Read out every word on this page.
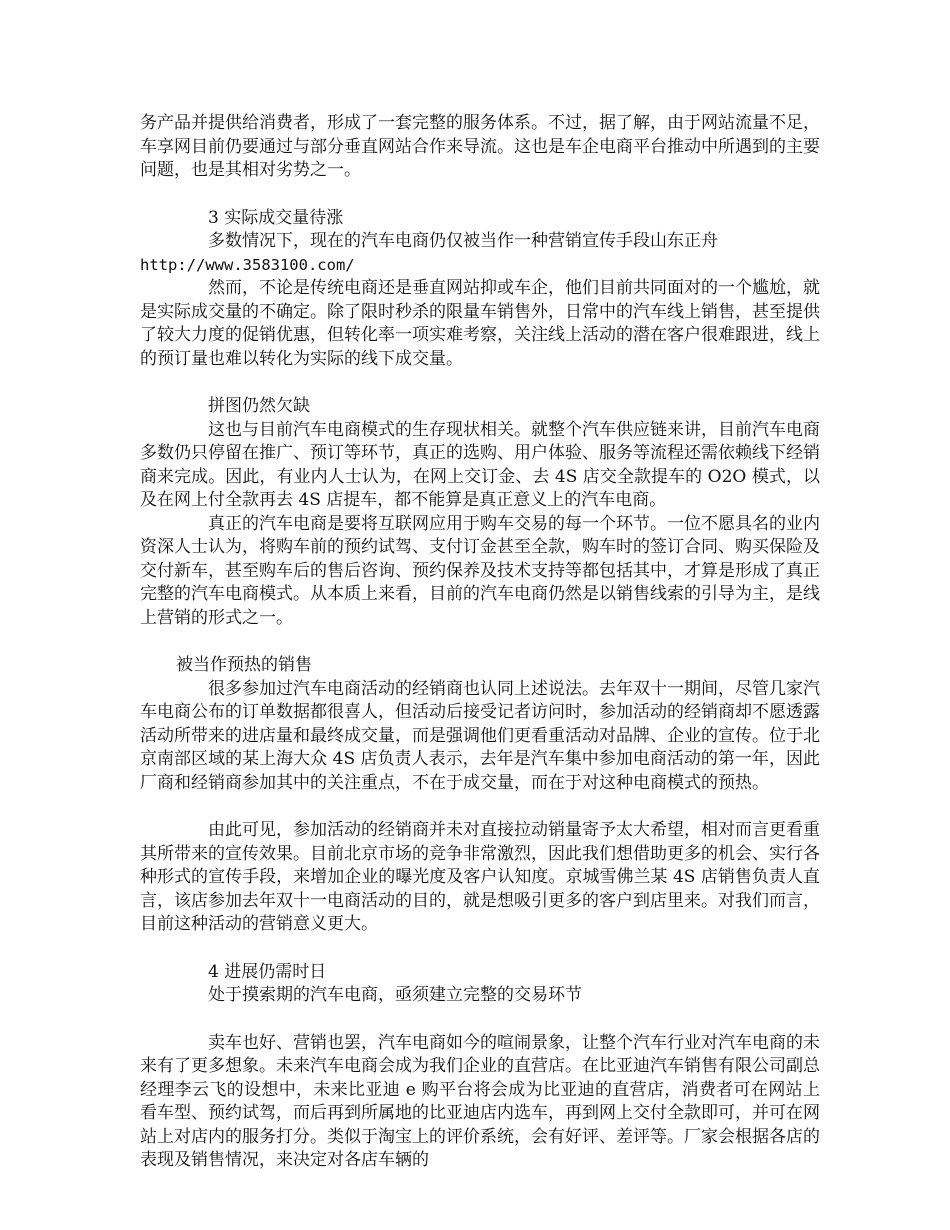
务产品并提供给消费者，形成了一套完整的服务体系。不过，据了解，由于网站流量不足，车享网目前仍要通过与部分垂直网站合作来导流。这也是车企电商平台推动中所遇到的主要问题，也是其相对劣势之一。

3 实际成交量待涨

多数情况下，现在的汽车电商仍仅被当作一种营销宣传手段山东正舟
http://www.3583100.com/

然而，不论是传统电商还是垂直网站抑或车企，他们目前共同面对的一个尴尬，就是实际成交量的不确定。除了限时秒杀的限量车销售外，日常中的汽车线上销售，甚至提供了较大力度的促销优惠，但转化率一项实难考察，关注线上活动的潜在客户很难跟进，线上的预订量也难以转化为实际的线下成交量。

拼图仍然欠缺

这也与目前汽车电商模式的生存现状相关。就整个汽车供应链来讲，目前汽车电商多数仍只停留在推广、预订等环节，真正的选购、用户体验、服务等流程还需依赖线下经销商来完成。因此，有业内人士认为，在网上交订金、去 4S 店交全款提车的 O2O 模式，以及在网上付全款再去 4S 店提车，都不能算是真正意义上的汽车电商。

真正的汽车电商是要将互联网应用于购车交易的每一个环节。一位不愿具名的业内资深人士认为，将购车前的预约试驾、支付订金甚至全款，购车时的签订合同、购买保险及交付新车，甚至购车后的售后咨询、预约保养及技术支持等都包括其中，才算是形成了真正完整的汽车电商模式。从本质上来看，目前的汽车电商仍然是以销售线索的引导为主，是线上营销的形式之一。

被当作预热的销售

很多参加过汽车电商活动的经销商也认同上述说法。去年双十一期间，尽管几家汽车电商公布的订单数据都很喜人，但活动后接受记者访问时，参加活动的经销商却不愿透露活动所带来的进店量和最终成交量，而是强调他们更看重活动对品牌、企业的宣传。位于北京南部区域的某上海大众 4S 店负责人表示，去年是汽车集中参加电商活动的第一年，因此厂商和经销商参加其中的关注重点，不在于成交量，而在于对这种电商模式的预热。

由此可见，参加活动的经销商并未对直接拉动销量寄予太大希望，相对而言更看重其所带来的宣传效果。目前北京市场的竞争非常激烈，因此我们想借助更多的机会、实行各种形式的宣传手段，来增加企业的曝光度及客户认知度。京城雪佛兰某 4S 店销售负责人直言，该店参加去年双十一电商活动的目的，就是想吸引更多的客户到店里来。对我们而言，目前这种活动的营销意义更大。

4 进展仍需时日

处于摸索期的汽车电商，亟须建立完整的交易环节

卖车也好、营销也罢，汽车电商如今的喧闹景象，让整个汽车行业对汽车电商的未来有了更多想象。未来汽车电商会成为我们企业的直营店。在比亚迪汽车销售有限公司副总经理李云飞的设想中，未来比亚迪 e 购平台将会成为比亚迪的直营店，消费者可在网站上看车型、预约试驾，而后再到所属地的比亚迪店内选车，再到网上交付全款即可，并可在网站上对店内的服务打分。类似于淘宝上的评价系统，会有好评、差评等。厂家会根据各店的表现及销售情况，来决定对各店车辆的
